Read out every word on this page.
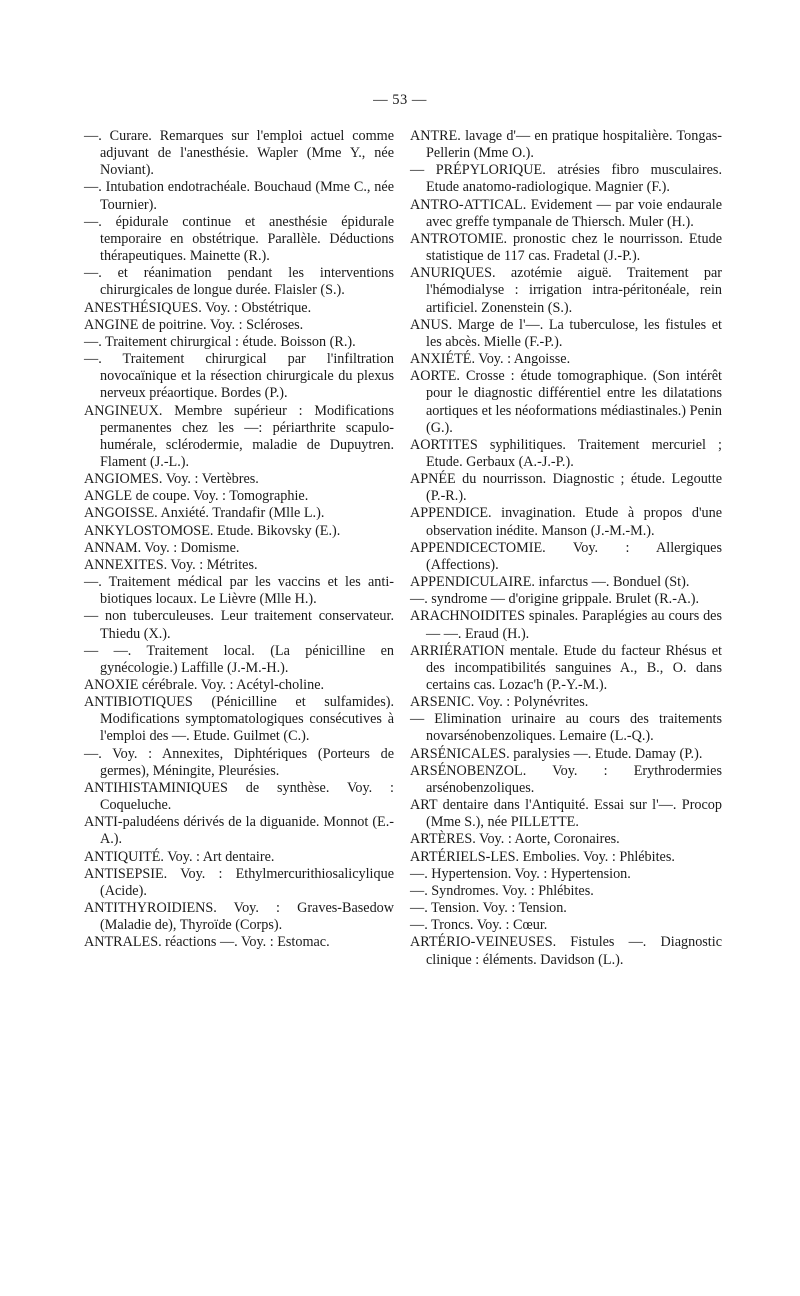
— 53 —

—. Curare. Remarques sur l'emploi actuel comme adjuvant de l'anesthésie. Wapler (Mme Y., née Noviant).

—. Intubation endotrachéale. Bouchaud (Mme C., née Tournier).

—. épidurale continue et anesthésie épidurale temporaire en obstétrique. Parallèle. Déductions thérapeutiques. Mainette (R.).

—. et réanimation pendant les interventions chirurgicales de longue durée. Flaisler (S.).

ANESTHÉSIQUES. Voy. : Obstétrique.

ANGINE de poitrine. Voy. : Scléroses.

—. Traitement chirurgical : étude. Boisson (R.).

—. Traitement chirurgical par l'infiltration novocaïnique et la résection chirurgicale du plexus nerveux préaortique. Bordes (P.).

ANGINEUX. Membre supérieur : Modifications permanentes chez les —: périarthrite scapulo-humérale, sclérodermie, maladie de Dupuytren. Flament (J.-L.).

ANGIOMES. Voy. : Vertèbres.

ANGLE de coupe. Voy. : Tomographie.

ANGOISSE. Anxiété. Trandafir (Mlle L.).

ANKYLOSTOMOSE. Etude. Bikovsky (E.).

ANNAM. Voy. : Domisme.

ANNEXITES. Voy. : Métrites.

—. Traitement médical par les vaccins et les anti-biotiques locaux. Le Lièvre (Mlle H.).

— non tuberculeuses. Leur traitement conservateur. Thiedu (X.).

— —. Traitement local. (La pénicilline en gynécologie.) Laffille (J.-M.-H.).

ANOXIE cérébrale. Voy. : Acétyl-choline.

ANTIBIOTIQUES (Pénicilline et sulfamides). Modifications symptomatologiques consécutives à l'emploi des —. Etude. Guilmet (C.).

—. Voy. : Annexites, Diphtériques (Porteurs de germes), Méningite, Pleurésies.

ANTIHISTAMINIQUES de synthèse. Voy. : Coqueluche.

ANTI-paludéens dérivés de la diguanide. Monnot (E.-A.).

ANTIQUITÉ. Voy. : Art dentaire.

ANTISEPSIE. Voy. : Ethylmercurithiosalicylique (Acide).

ANTITHYROIDIENS. Voy. : Graves-Basedow (Maladie de), Thyroïde (Corps).

ANTRALES. réactions —. Voy. : Estomac.

ANTRE. lavage d'— en pratique hospitalière. Tongas-Pellerin (Mme O.).

— PRÉPYLORIQUE. atrésies fibro musculaires. Etude anatomo-radiologique. Magnier (F.).

ANTRO-ATTICAL. Evidement — par voie endaurale avec greffe tympanale de Thiersch. Muler (H.).

ANTROTOMIE. pronostic chez le nourrisson. Etude statistique de 117 cas. Fradetal (J.-P.).

ANURIQUES. azotémie aiguë. Traitement par l'hémodialyse : irrigation intra-péritonéale, rein artificiel. Zonenstein (S.).

ANUS. Marge de l'—. La tuberculose, les fistules et les abcès. Mielle (F.-P.).

ANXIÉTÉ. Voy. : Angoisse.

AORTE. Crosse : étude tomographique. (Son intérêt pour le diagnostic différentiel entre les dilatations aortiques et les néoformations médiastinales.) Penin (G.).

AORTITES syphilitiques. Traitement mercuriel ; Etude. Gerbaux (A.-J.-P.).

APNÉE du nourrisson. Diagnostic ; étude. Legoutte (P.-R.).

APPENDICE. invagination. Etude à propos d'une observation inédite. Manson (J.-M.-M.).

APPENDICECTOMIE. Voy. : Allergiques (Affections).

APPENDICULAIRE. infarctus —. Bonduel (St).

—. syndrome — d'origine grippale. Brulet (R.-A.).

ARACHNOIDITES spinales. Paraplégies au cours des — —. Eraud (H.).

ARRIÉRATION mentale. Etude du facteur Rhésus et des incompatibilités sanguines A., B., O. dans certains cas. Lozac'h (P.-Y.-M.).

ARSENIC. Voy. : Polynévrites.

— Elimination urinaire au cours des traitements novarsénobenzoliques. Lemaire (L.-Q.).

ARSÉNICALES. paralysies —. Etude. Damay (P.).

ARSÉNOBENZOL. Voy. : Erythrodermies arsénobenzoliques.

ART dentaire dans l'Antiquité. Essai sur l'—. Procop (Mme S.), née PILLETTE.

ARTÈRES. Voy. : Aorte, Coronaires.

ARTÉRIELS-LES. Embolies. Voy. : Phlébites.

—. Hypertension. Voy. : Hypertension.

—. Syndromes. Voy. : Phlébites.

—. Tension. Voy. : Tension.

—. Troncs. Voy. : Cœur.

ARTÉRIO-VEINEUSES. Fistules —. Diagnostic clinique : éléments. Davidson (L.).
